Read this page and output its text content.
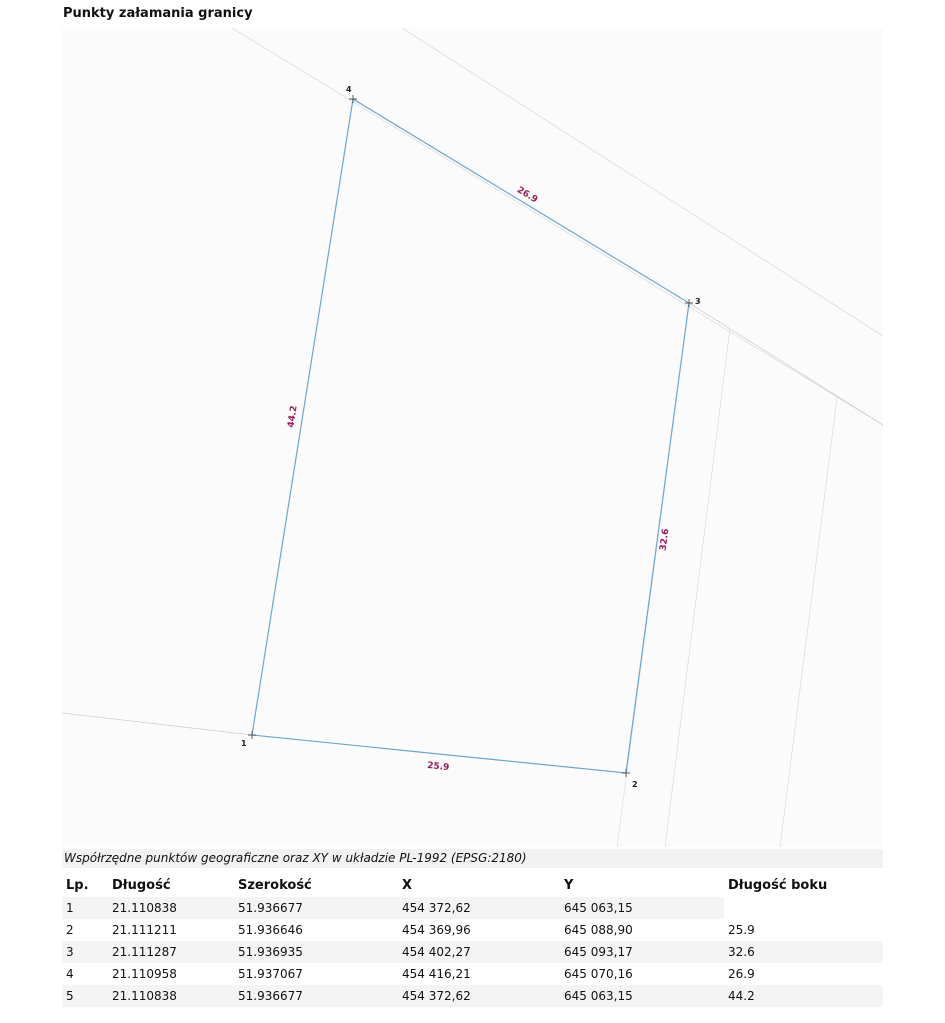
Punkty załamania granicy
1
2
3
4
25.9
32.6
26.9
44.2
Współrzędne punktów geograficzne oraz XY w układzie PL-1992 (EPSG:2180)
Lp.	Długość	Szerokość	X	Y	Długość boku
1	21.110838	51.936677	454 372,62	645 063,15	
2	21.111211	51.936646	454 369,96	645 088,90	25.9
3	21.111287	51.936935	454 402,27	645 093,17	32.6
4	21.110958	51.937067	454 416,21	645 070,16	26.9
5	21.110838	51.936677	454 372,62	645 063,15	44.2
